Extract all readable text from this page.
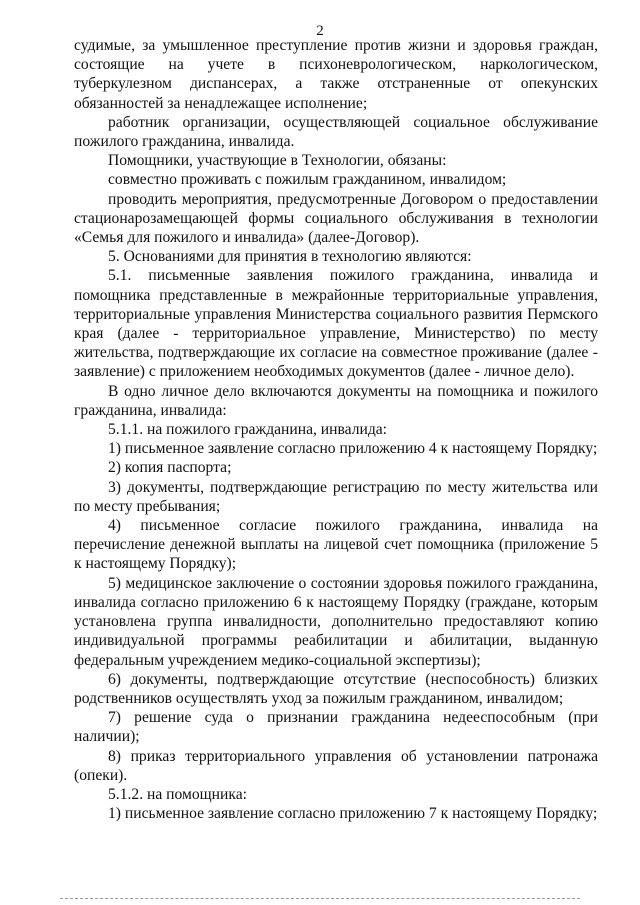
2

судимые, за умышленное преступление против жизни и здоровья граждан, состоящие на учете в психоневрологическом, наркологическом, туберкулезном диспансерах, а также отстраненные от опекунских обязанностей за ненадлежащее исполнение;

работник организации, осуществляющей социальное обслуживание пожилого гражданина, инвалида.

Помощники, участвующие в Технологии, обязаны:

совместно проживать с пожилым гражданином, инвалидом;

проводить мероприятия, предусмотренные Договором о предоставлении стационарозамещающей формы социального обслуживания в технологии «Семья для пожилого и инвалида» (далее-Договор).

5. Основаниями для принятия в технологию являются:

5.1. письменные заявления пожилого гражданина, инвалида и помощника представленные в межрайонные территориальные управления, территориальные управления Министерства социального развития Пермского края (далее - территориальное управление, Министерство) по месту жительства, подтверждающие их согласие на совместное проживание (далее - заявление) с приложением необходимых документов (далее - личное дело).

В одно личное дело включаются документы на помощника и пожилого гражданина, инвалида:

5.1.1. на пожилого гражданина, инвалида:

1) письменное заявление согласно приложению 4 к настоящему Порядку;

2) копия паспорта;

3) документы, подтверждающие регистрацию по месту жительства или по месту пребывания;

4) письменное согласие пожилого гражданина, инвалида на перечисление денежной выплаты на лицевой счет помощника (приложение 5 к настоящему Порядку);

5) медицинское заключение о состоянии здоровья пожилого гражданина, инвалида согласно приложению 6 к настоящему Порядку (граждане, которым установлена группа инвалидности, дополнительно предоставляют копию индивидуальной программы реабилитации и абилитации, выданную федеральным учреждением медико-социальной экспертизы);

6) документы, подтверждающие отсутствие (неспособность) близких родственников осуществлять уход за пожилым гражданином, инвалидом;

7) решение суда о признании гражданина недееспособным (при наличии);

8) приказ территориального управления об установлении патронажа (опеки).

5.1.2. на помощника:

1) письменное заявление согласно приложению 7 к настоящему Порядку;
